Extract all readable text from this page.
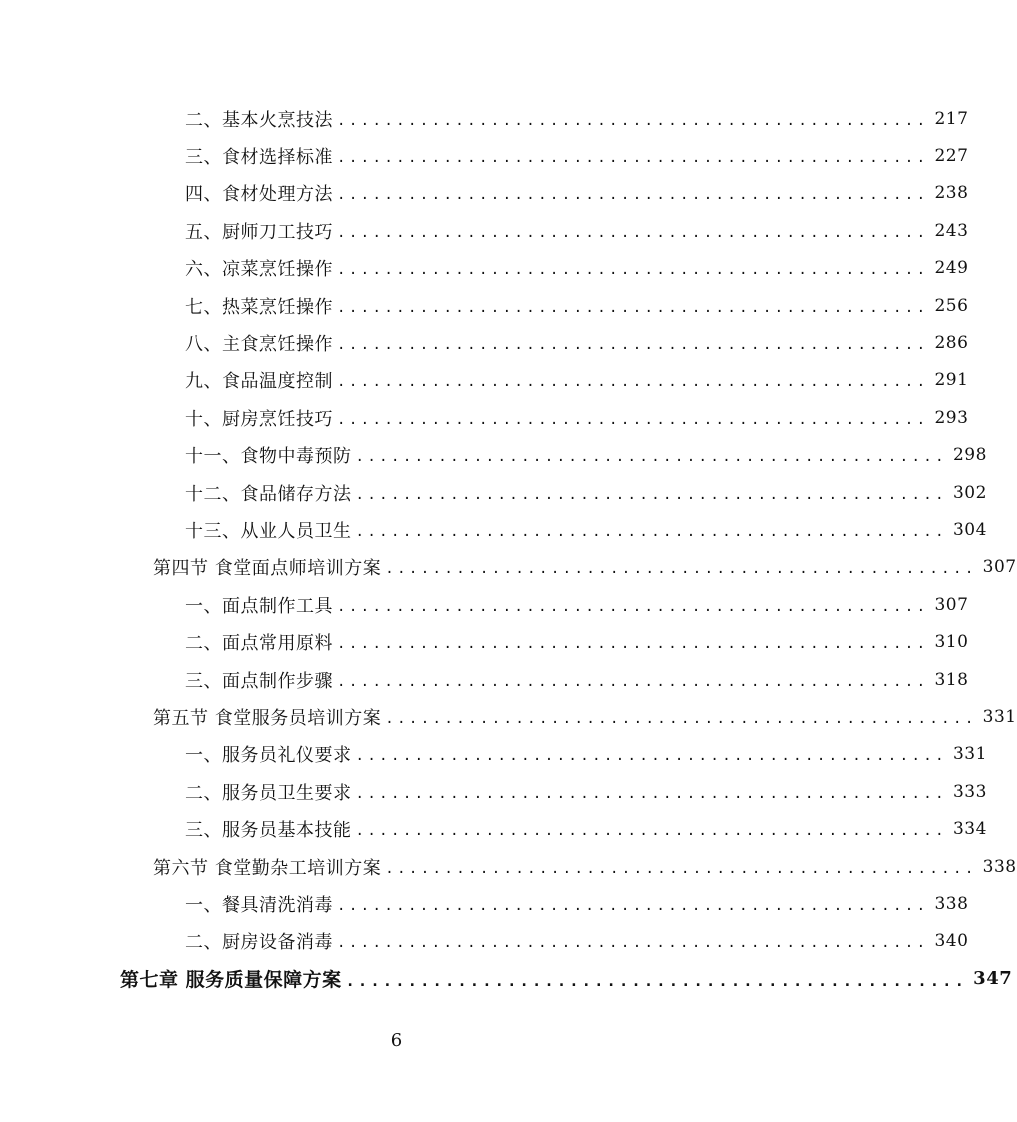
二、基本火烹技法 .................................................. 217
三、食材选择标准 .................................................. 227
四、食材处理方法 .................................................. 238
五、厨师刀工技巧 .................................................. 243
六、凉菜烹饪操作 .................................................. 249
七、热菜烹饪操作 .................................................. 256
八、主食烹饪操作 .................................................. 286
九、食品温度控制 .................................................. 291
十、厨房烹饪技巧 .................................................. 293
十一、食物中毒预防 .................................................. 298
十二、食品储存方法 .................................................. 302
十三、从业人员卫生 .................................................. 304
第四节 食堂面点师培训方案 .................................................. 307
一、面点制作工具 .................................................. 307
二、面点常用原料 .................................................. 310
三、面点制作步骤 .................................................. 318
第五节 食堂服务员培训方案 .................................................. 331
一、服务员礼仪要求 .................................................. 331
二、服务员卫生要求 .................................................. 333
三、服务员基本技能 .................................................. 334
第六节 食堂勤杂工培训方案 .................................................. 338
一、餐具清洗消毒 .................................................. 338
二、厨房设备消毒 .................................................. 340
第七章 服务质量保障方案 .................................................. 347
6
